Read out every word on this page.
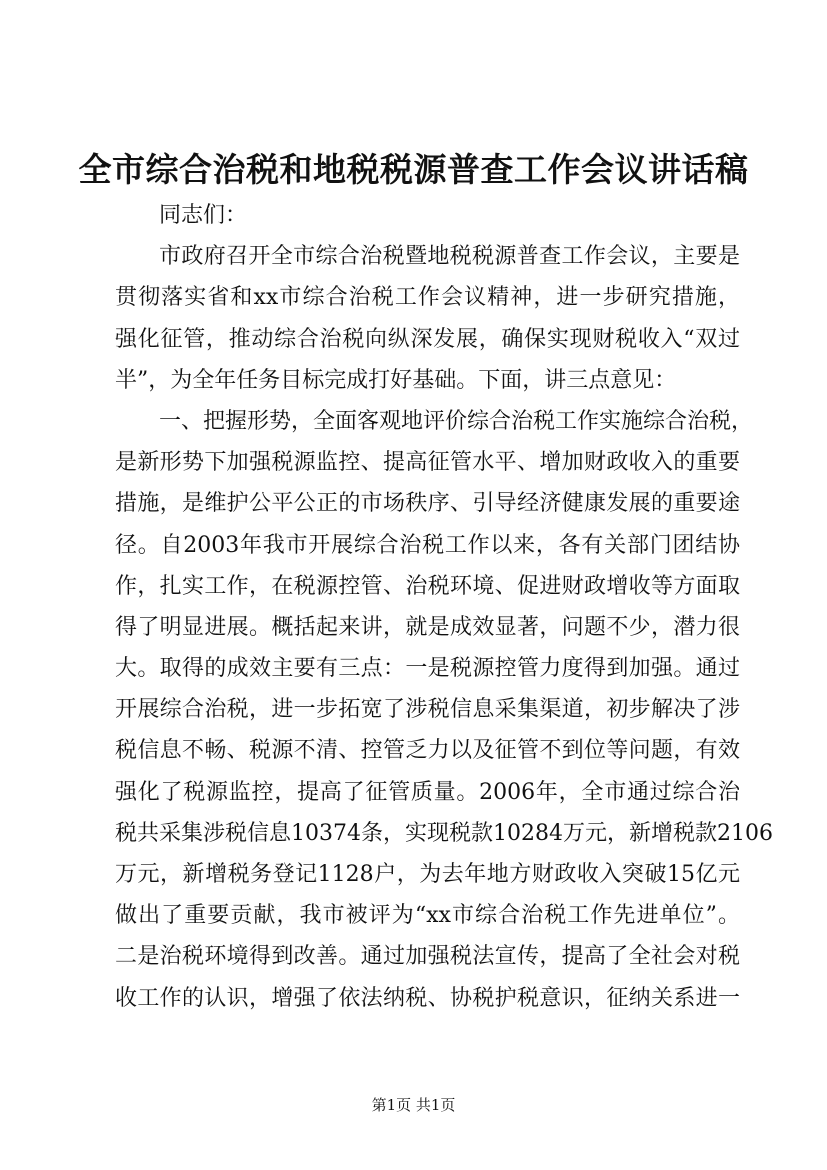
全市综合治税和地税税源普查工作会议讲话稿
同志们：
市政府召开全市综合治税暨地税税源普查工作会议，主要是
贯彻落实省和xx市综合治税工作会议精神，进一步研究措施，
强化征管，推动综合治税向纵深发展，确保实现财税收入“双过
半”，为全年任务目标完成打好基础。下面，讲三点意见：
一、把握形势，全面客观地评价综合治税工作实施综合治税，
是新形势下加强税源监控、提高征管水平、增加财政收入的重要
措施，是维护公平公正的市场秩序、引导经济健康发展的重要途
径。自2003年我市开展综合治税工作以来，各有关部门团结协
作，扎实工作，在税源控管、治税环境、促进财政增收等方面取
得了明显进展。概括起来讲，就是成效显著，问题不少，潜力很
大。取得的成效主要有三点：一是税源控管力度得到加强。通过
开展综合治税，进一步拓宽了涉税信息采集渠道，初步解决了涉
税信息不畅、税源不清、控管乏力以及征管不到位等问题，有效
强化了税源监控，提高了征管质量。2006年，全市通过综合治
税共采集涉税信息10374条，实现税款10284万元，新增税款2106
万元，新增税务登记1128户，为去年地方财政收入突破15亿元
做出了重要贡献，我市被评为“xx市综合治税工作先进单位”。
二是治税环境得到改善。通过加强税法宣传，提高了全社会对税
收工作的认识，增强了依法纳税、协税护税意识，征纳关系进一
第1页 共1页
